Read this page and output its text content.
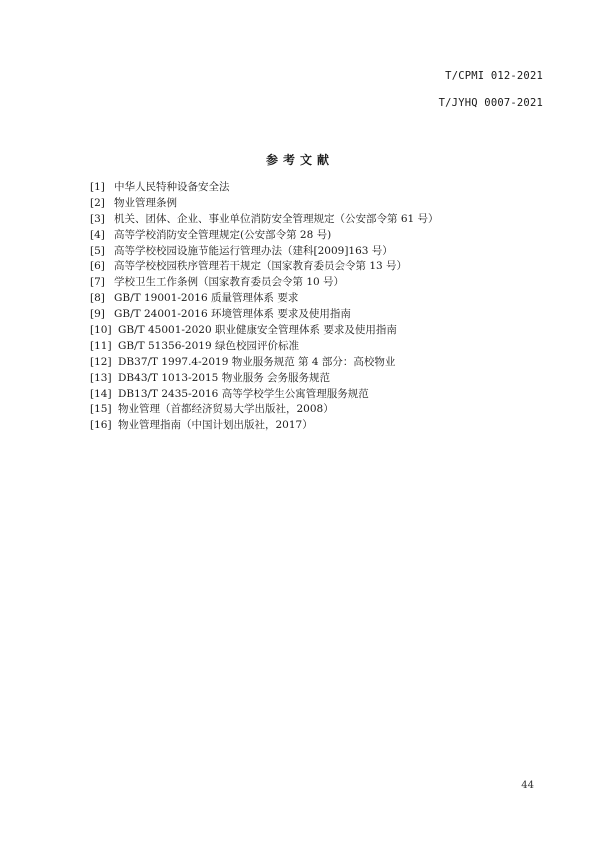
T/CPMI 012-2021
T/JYHQ 0007-2021
参考文献
[1] 中华人民特种设备安全法
[2] 物业管理条例
[3] 机关、团体、企业、事业单位消防安全管理规定（公安部令第 61 号）
[4] 高等学校消防安全管理规定(公安部令第 28 号)
[5] 高等学校校园设施节能运行管理办法（建科[2009]163 号）
[6] 高等学校校园秩序管理若干规定（国家教育委员会令第 13 号）
[7] 学校卫生工作条例（国家教育委员会令第 10 号）
[8] GB/T 19001-2016 质量管理体系 要求
[9] GB/T 24001-2016 环境管理体系 要求及使用指南
[10] GB/T 45001-2020 职业健康安全管理体系 要求及使用指南
[11] GB/T 51356-2019 绿色校园评价标准
[12] DB37/T 1997.4-2019 物业服务规范 第 4 部分：高校物业
[13] DB43/T 1013-2015 物业服务 会务服务规范
[14] DB13/T 2435-2016 高等学校学生公寓管理服务规范
[15] 物业管理（首都经济贸易大学出版社，2008）
[16] 物业管理指南（中国计划出版社，2017）
44
